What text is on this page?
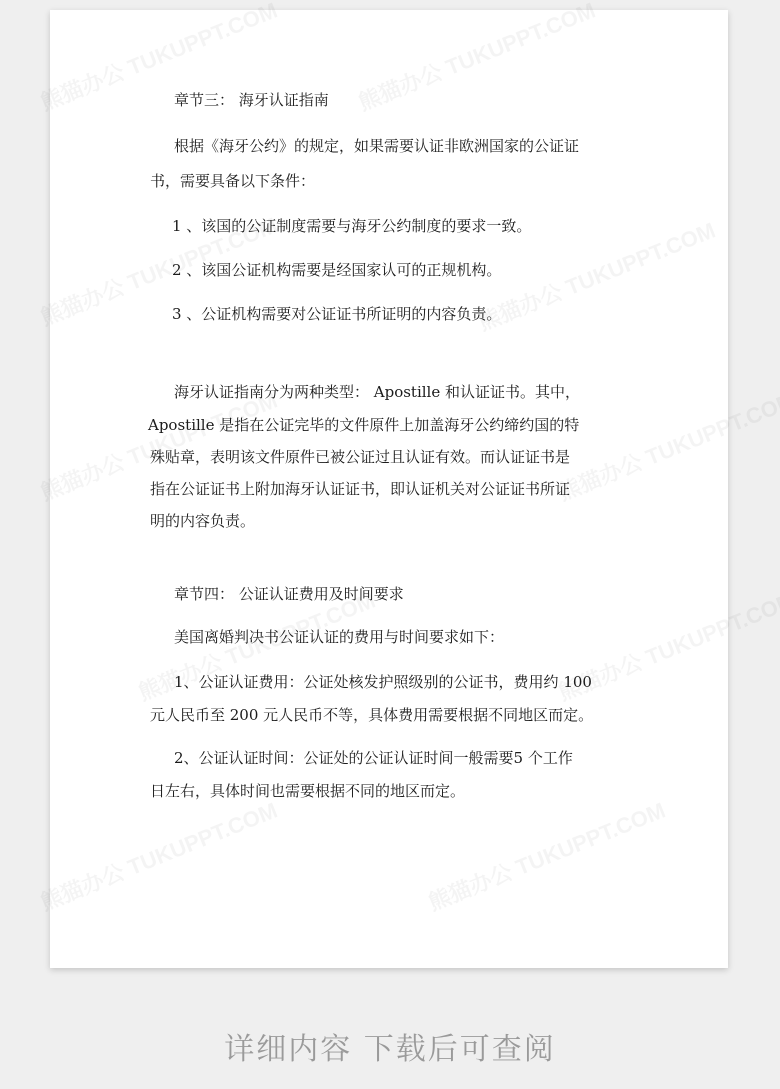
章节三： 海牙认证指南
根据《海牙公约》的规定，如果需要认证非欧洲国家的公证证
书，需要具备以下条件：
1 、该国的公证制度需要与海牙公约制度的要求一致。
2 、该国公证机构需要是经国家认可的正规机构。
3 、公证机构需要对公证证书所证明的内容负责。
海牙认证指南分为两种类型： Apostille 和认证证书。其中，
Apostille 是指在公证完毕的文件原件上加盖海牙公约缔约国的特
殊贴章，表明该文件原件已被公证过且认证有效。而认证证书是
指在公证证书上附加海牙认证证书，即认证机关对公证证书所证
明的内容负责。
章节四： 公证认证费用及时间要求
美国离婚判决书公证认证的费用与时间要求如下：
1、公证认证费用：公证处核发护照级别的公证书，费用约 100
元人民币至 200 元人民币不等，具体费用需要根据不同地区而定。
2、公证认证时间：公证处的公证认证时间一般需要5 个工作
日左右，具体时间也需要根据不同的地区而定。
详细内容 下载后可查阅
